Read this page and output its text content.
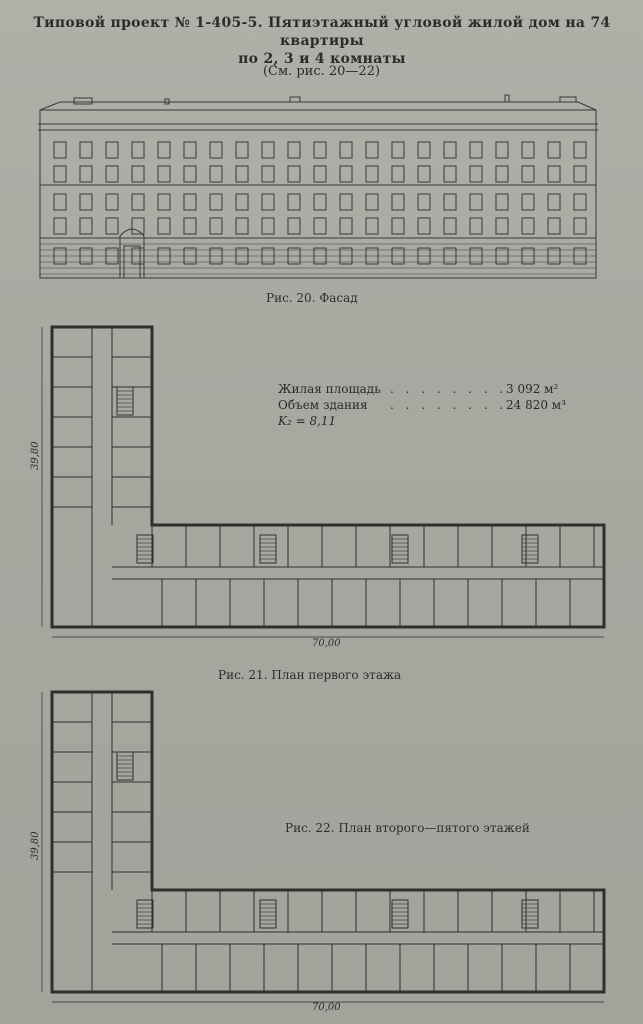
Типовой проект № 1-405-5. Пятиэтажный угловой жилой дом на 74 квартиры
по 2, 3 и 4 комнаты
(См. рис. 20—22)
Рис. 20. Фасад
39,80
70,00
Рис. 21. План первого этажа
Жилая площадь . . . . . . . .
3 092 м²
Объем здания . . . . . . . .
24 820 м³
K₂ = 8,11
39,80
70,00
Рис. 22. План второго—пятого этажей
